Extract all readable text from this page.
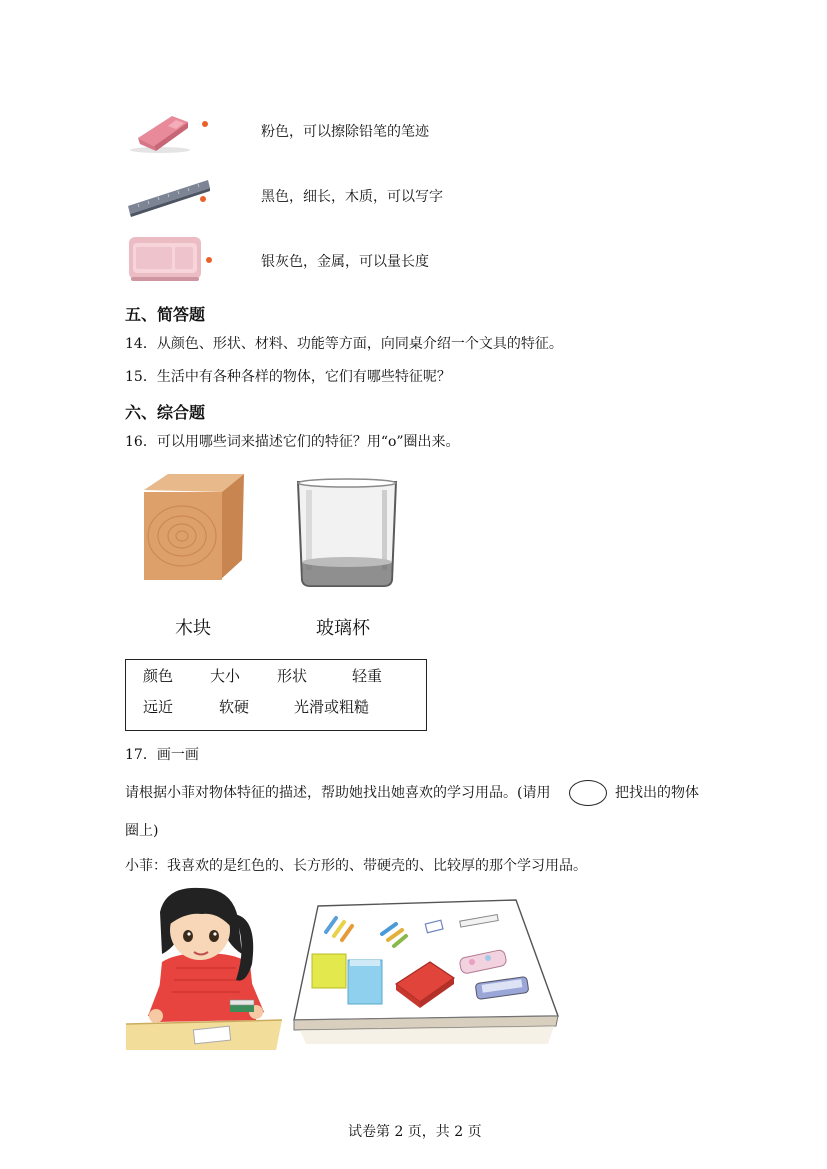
粉色，可以擦除铅笔的笔迹
黑色，细长，木质，可以写字
银灰色，金属，可以量长度
五、简答题
14．从颜色、形状、材料、功能等方面，向同桌介绍一个文具的特征。
15．生活中有各种各样的物体，它们有哪些特征呢？
六、综合题
16．可以用哪些词来描述它们的特征？用“o”圈出来。
木块	玻璃杯
颜色 大小 形状	轻重
远近	软硬	光滑或粗糙
17．画一画
请根据小菲对物体特征的描述，帮助她找出她喜欢的学习用品。(请用	把找出的物体
圈上)
小菲：我喜欢的是红色的、长方形的、带硬壳的、比较厚的那个学习用品。
试卷第 2 页，共 2 页
